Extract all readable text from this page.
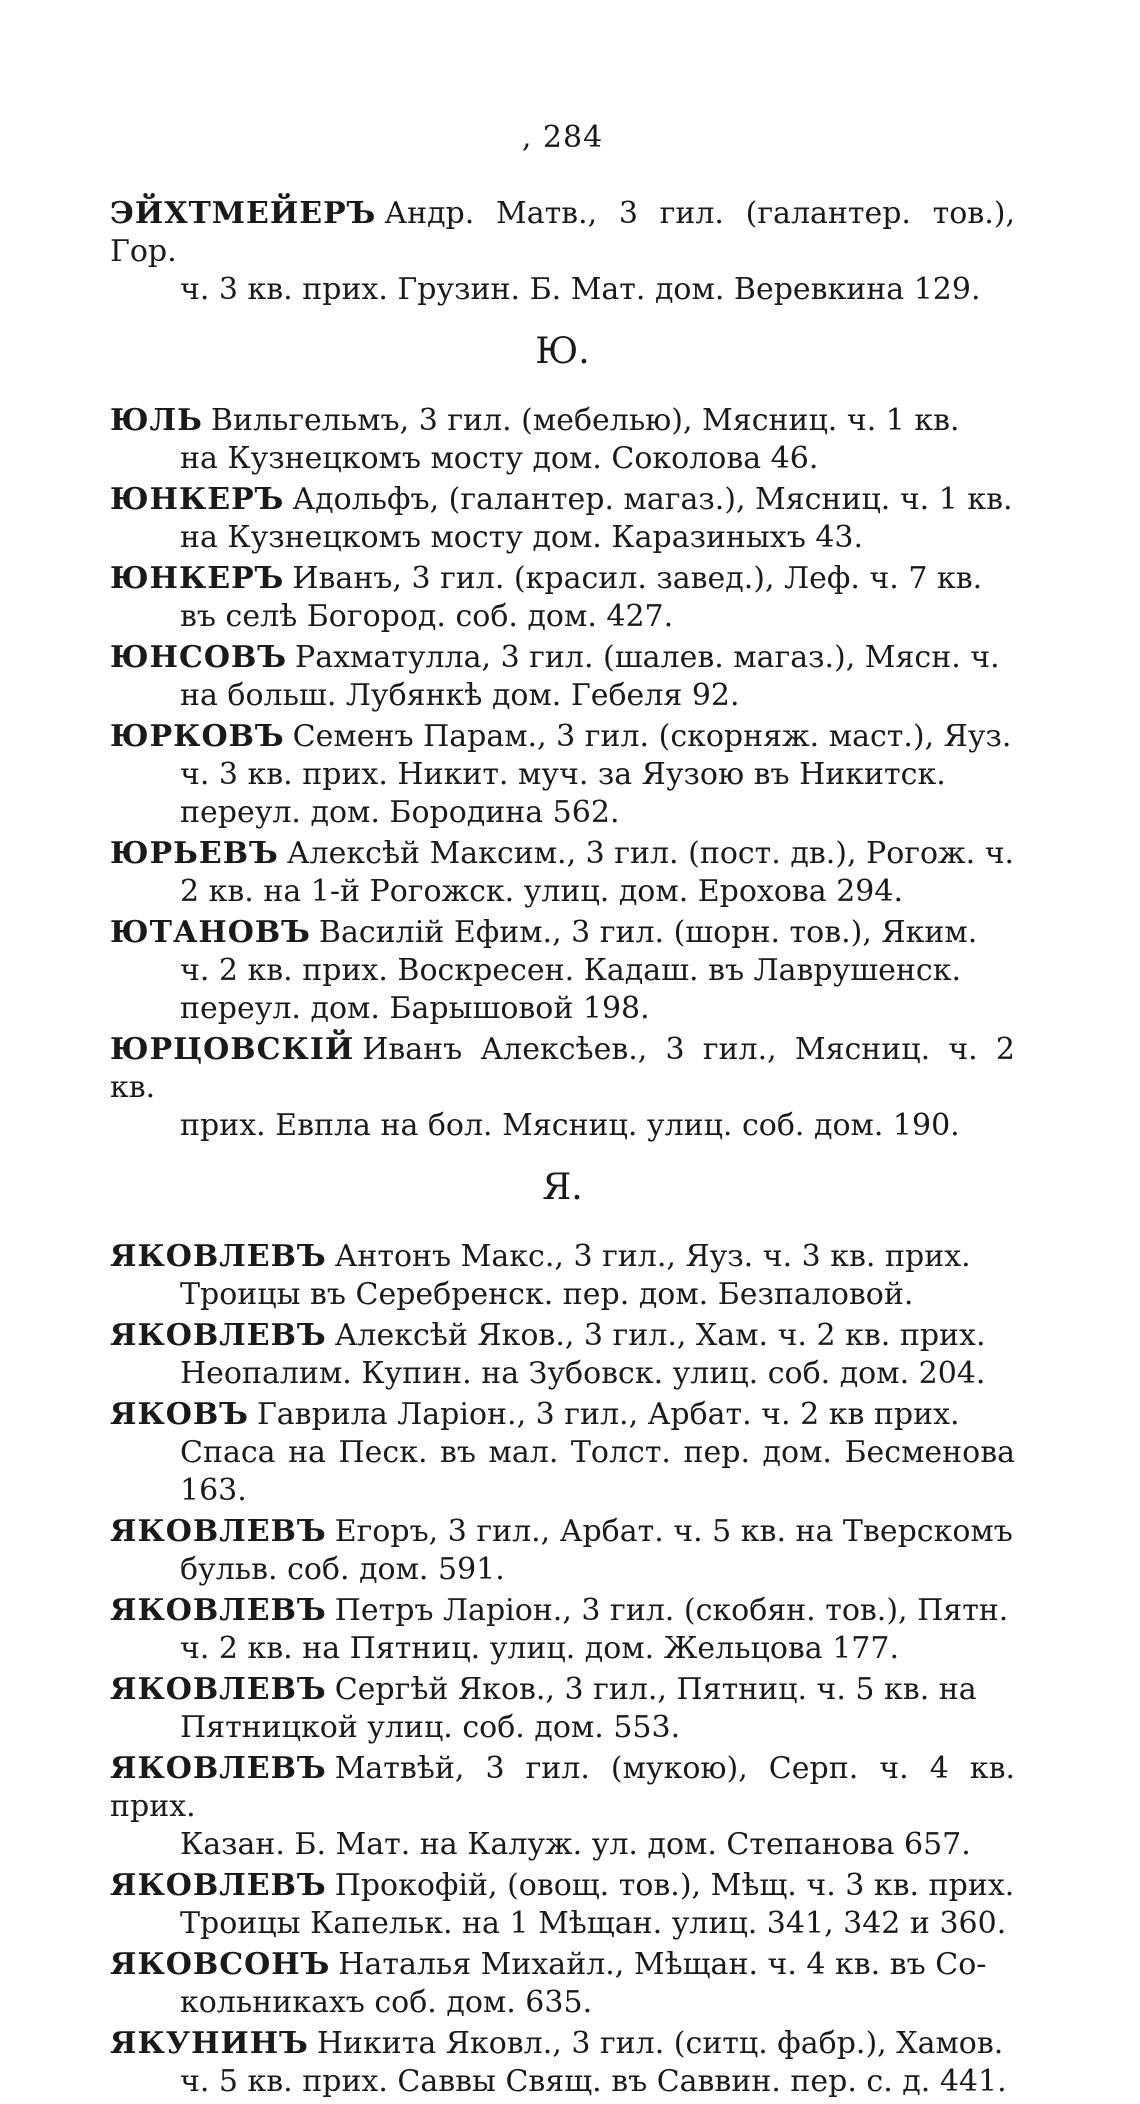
, 284
ЭЙХТМЕЙЕРЪ Андр. Матв., 3 гил. (галантер. тов.), Гор.
ч. 3 кв. прих. Грузин. Б. Мат. дом. Веревкина 129.
Ю.
ЮЛЬ Вильгельмъ, 3 гил. (мебелью), Мясниц. ч. 1 кв.
на Кузнецкомъ мосту дом. Соколова 46.
ЮНКЕРЪ Адольфъ, (галантер. магаз.), Мясниц. ч. 1 кв.
на Кузнецкомъ мосту дом. Каразиныхъ 43.
ЮНКЕРЪ Иванъ, 3 гил. (красил. завед.), Леф. ч. 7 кв.
въ селѣ Богород. соб. дом. 427.
ЮНСОВЪ Рахматулла, 3 гил. (шалев. магаз.), Мясн. ч.
на больш. Лубянкѣ дом. Гебеля 92.
ЮРКОВЪ Семенъ Парам., 3 гил. (скорняж. маст.), Яуз.
ч. 3 кв. прих. Никит. муч. за Яузою въ Никитск.
переул. дом. Бородина 562.
ЮРЬЕВЪ Алексѣй Максим., 3 гил. (пост. дв.), Рогож. ч.
2 кв. на 1-й Рогожск. улиц. дом. Ерохова 294.
ЮТАНОВЪ Василій Ефим., 3 гил. (шорн. тов.), Яким.
ч. 2 кв. прих. Воскресен. Кадаш. въ Лаврушенск.
переул. дом. Барышовой 198.
ЮРЦОВСКІЙ Иванъ Алексѣев., 3 гил., Мясниц. ч. 2 кв.
прих. Евпла на бол. Мясниц. улиц. соб. дом. 190.
Я.
ЯКОВЛЕВЪ Антонъ Макс., 3 гил., Яуз. ч. 3 кв. прих.
Троицы въ Серебренск. пер. дом. Безпаловой.
ЯКОВЛЕВЪ Алексѣй Яков., 3 гил., Хам. ч. 2 кв. прих.
Неопалим. Купин. на Зубовск. улиц. соб. дом. 204.
ЯКОВЪ Гаврила Ларіон., 3 гил., Арбат. ч. 2 кв прих.
Спаса на Песк. въ мал. Толст. пер. дом. Бесменова 163.
ЯКОВЛЕВЪ Егоръ, 3 гил., Арбат. ч. 5 кв. на Тверскомъ
бульв. соб. дом. 591.
ЯКОВЛЕВЪ Петръ Ларіон., 3 гил. (скобян. тов.), Пятн.
ч. 2 кв. на Пятниц. улиц. дом. Жельцова 177.
ЯКОВЛЕВЪ Сергѣй Яков., 3 гил., Пятниц. ч. 5 кв. на
Пятницкой улиц. соб. дом. 553.
ЯКОВЛЕВЪ Матвѣй, 3 гил. (мукою), Серп. ч. 4 кв. прих.
Казан. Б. Мат. на Калуж. ул. дом. Степанова 657.
ЯКОВЛЕВЪ Прокофій, (овощ. тов.), Мѣщ. ч. 3 кв. прих.
Троицы Капельк. на 1 Мѣщан. улиц. 341, 342 и 360.
ЯКОВСОНЪ Наталья Михайл., Мѣщан. ч. 4 кв. въ Со-
кольникахъ соб. дом. 635.
ЯКУНИНЪ Никита Яковл., 3 гил. (ситц. фабр.), Хамов.
ч. 5 кв. прих. Саввы Свящ. въ Саввин. пер. с. д. 441.
